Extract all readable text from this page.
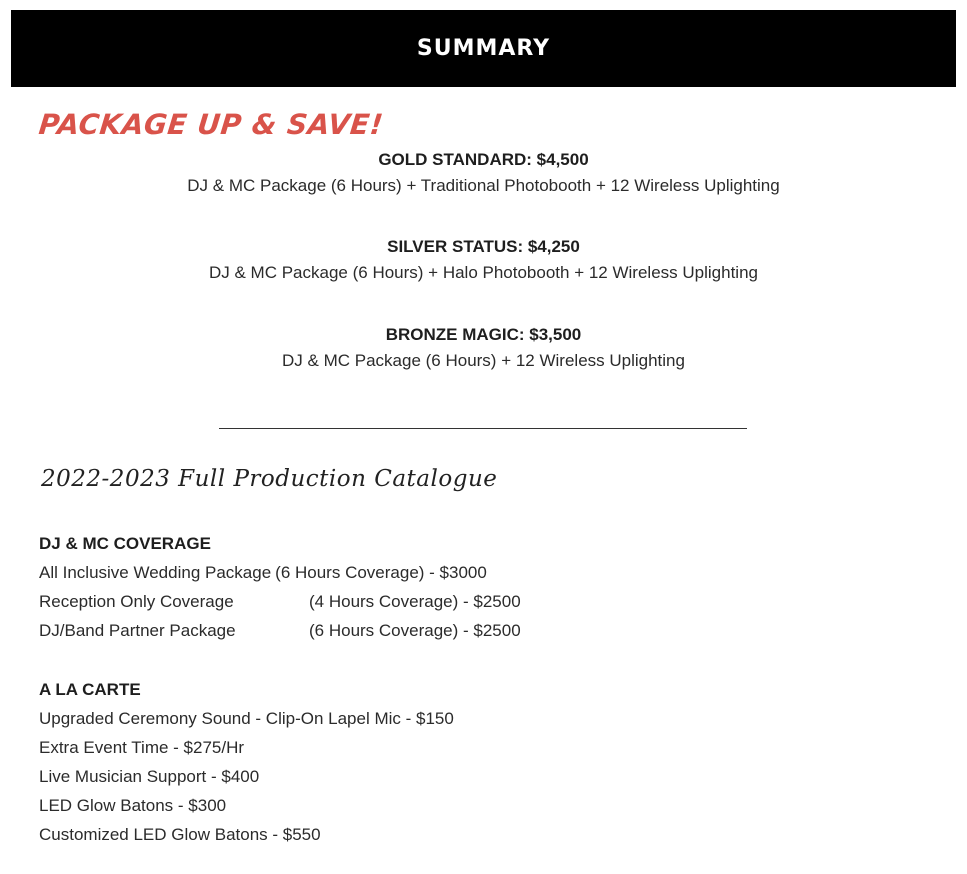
SUMMARY
PACKAGE UP & SAVE!
GOLD STANDARD: $4,500
DJ & MC Package (6 Hours) + Traditional Photobooth + 12 Wireless Uplighting
SILVER STATUS: $4,250
DJ & MC Package (6 Hours) + Halo Photobooth + 12 Wireless Uplighting
BRONZE MAGIC: $3,500
DJ & MC Package (6 Hours) + 12 Wireless Uplighting
2022-2023 Full Production Catalogue
DJ & MC COVERAGE
All Inclusive Wedding Package (6 Hours Coverage) - $3000
Reception Only Coverage	(4 Hours Coverage) - $2500
DJ/Band Partner Package	(6 Hours Coverage) - $2500
A LA CARTE
Upgraded Ceremony Sound - Clip-On Lapel Mic - $150
Extra Event Time - $275/Hr
Live Musician Support - $400
LED Glow Batons - $300
Customized LED Glow Batons - $550
